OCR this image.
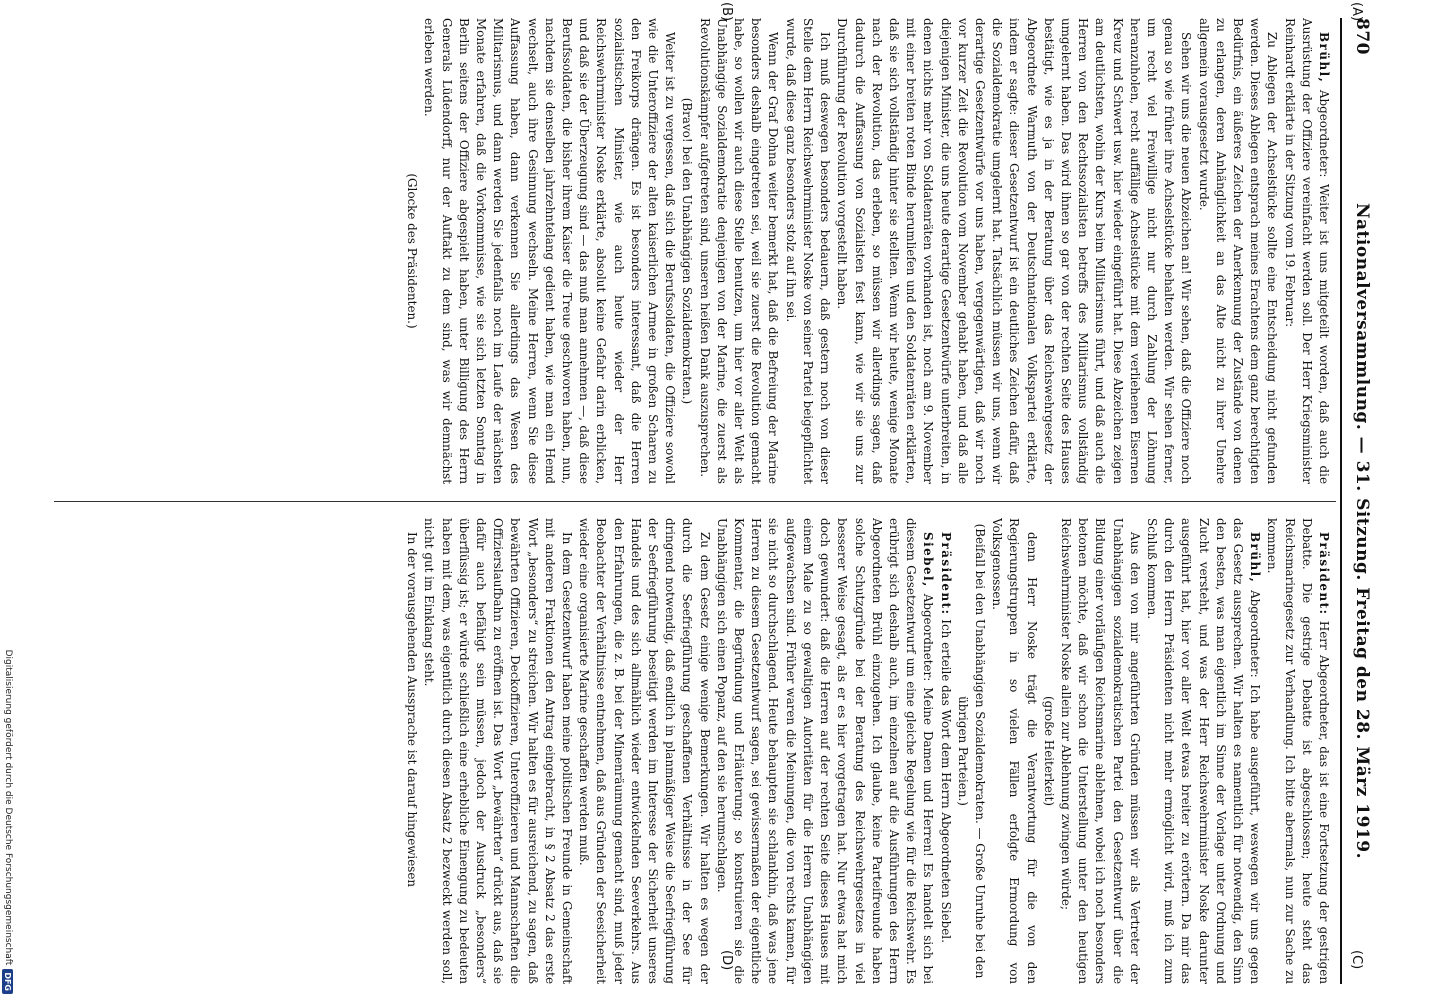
870
Nationalversammlung. — 31. Sitzung. Freitag den 28. März 1919.

Brühl, Abgeordneter: Weiter ist uns mitgeteilt worden, daß auch die Ausrüstung der Offiziere vereinfacht werden soll. Der Herr Kriegsminister Reinhardt erklärte in der Sitzung vom 19. Februar:

Zu Ablegen der Achselstücke sollte eine Entscheidung nicht gefunden werden. Dieses Ablegen entsprach meines Erachtens dem ganz berechtigten Bedürfnis, ein äußeres Zeichen der Anerkennung der Zustände von denen zu erlangen, deren Anhänglichkeit an das Alte nicht zu ihrer Unehre allgemein vorausgesetzt wurde.

Sehen wir uns die neuen Abzeichen an! Wir sehen, daß die Offiziere noch genau so wie früher ihre Achselstücke behalten werden. Wir sehen ferner, um recht viel Freiwillige nicht nur durch Zahlung der Löhnung heranzuholen, recht auffällige Achselstücke mit dem verliehenen Eisernen Kreuz und Schwert usw. hier wieder eingeführt hat. Diese Abzeichen zeigen am deutlichsten, wohin der Kurs beim Militarismus führt, und daß auch die Herren von den Rechtssozialisten betreffs des Militarismus vollständig umgelernt haben. Das wird ihnen so gar von der rechten Seite des Hauses bestätigt, wie es ja in der Beratung über das Reichswehrgesetz der Abgeordnete Warmuth von der Deutschnationalen Volkspartei erklärte, indem er sagte: dieser Gesetzentwurf ist ein deutliches Zeichen dafür, daß die Sozialdemokratie umgelernt hat. Tatsächlich müssen wir uns, wenn wir derartige Gesetzentwürfe vor uns haben, vergegenwärtigen, daß wir noch vor kurzer Zeit die Revolution vom November gehabt haben, und daß alle diejenigen Minister, die uns heute derartige Gesetzentwürfe unterbreiten, in denen nichts mehr von Soldatenräten vorhanden ist, noch am 9. November mit einer breiten roten Binde herumliefen und den Soldatenräten erklärten, daß sie sich vollständig hinter sie stellten. Wenn wir heute, wenige Monate nach der Revolution, das erleben, so müssen wir allerdings sagen, daß dadurch die Auffassung von Sozialisten fest kann, wie wir sie uns zur Durchführung der Revolution vorgestellt haben.

Ich muß deswegen besonders bedauern, daß gestern noch von dieser Stelle dem Herrn Reichswehrminister Noske von seiner Partei beigepflichtet wurde, daß diese ganz besonders stolz auf ihn sei.

Wenn der Graf Dohna weiter bemerkt hat, daß die Befreiung der Marine besonders deshalb eingetreten sei, weil sie zuerst die Revolution gemacht habe, so wollen wir auch diese Stelle benutzen, um hier vor aller Welt als Unabhängige Sozialdemokratie denjenigen von der Marine, die zuerst als Revolutionskämpfer aufgetreten sind, unseren heißen Dank auszusprechen.

(Bravo! bei den Unabhängigen Sozialdemokraten.)

Weiter ist zu vergessen, daß sich die Berufssoldaten, die Offiziere sowohl wie die Unteroffiziere der alten kaiserlichen Armee in großen Scharen zu den Freikorps drängen. Es ist besonders interessant, daß die Herren sozialistischen Minister, wie auch heute wieder der Herr Reichswehrminister Noske erklärte, absolut keine Gefahr darin erblicken, und daß sie der Überzeugung sind — das muß man annehmen —, daß diese Berufssoldaten, die bisher ihrem Kaiser die Treue geschworen haben, nun, nachdem sie denselben jahrzehntelang gedient haben, wie man ein Hemd wechselt, auch ihre Gesinnung wechseln. Meine Herren, wenn Sie diese Auffassung haben, dann verkennen Sie allerdings das Wesen des Militarismus, und dann werden Sie jedenfalls noch im Laufe der nächsten Monate erfahren, daß die Vorkommnisse, wie sie sich letzten Sonntag in Berlin seitens der Offiziere abgespielt haben, unter Billigung des Herrn Generals Lüdendorff, nur der Auftakt zu dem sind, was wir demnächst erleben werden.

(Glocke des Präsidenten.)

Präsident: Herr Abgeordneter, das ist eine Fortsetzung der gestrigen Debatte. Die gestrige Debatte ist abgeschlossen; heute steht das Reichsmarinegesetz zur Verhandlung. Ich bitte abermals, nun zur Sache zu kommen.

Brühl, Abgeordneter: Ich habe ausgeführt, weswegen wir uns gegen das Gesetz aussprechen. Wir halten es namentlich für notwendig, den Sinn den besten, was man eigentlich im Sinne der Vorlage unter Ordnung und Zucht versteht, und was der Herr Reichswehrminister Noske darunter ausgeführt hat, hier vor aller Welt etwas breiter zu erörtern. Da mir das durch den Herrn Präsidenten nicht mehr ermöglicht wird, muß ich zum Schluß kommen.

Aus den von mir angeführten Gründen müssen wir als Vertreter der Unabhängigen sozialdemokratischen Partei den Gesetzentwurf über die Bildung einer vorläufigen Reichsmarine ablehnen, wobei ich noch besonders betonen möchte, daß wir schon die Unterstellung unter den heutigen Reichswehrminister Noske allein zur Ablehnung zwingen würde;

(große Heiterkeit)

denn Herr Noske trägt die Verantwortung für die von den Regierungstruppen in so vielen Fällen erfolgte Ermordung von Volksgenossen.

(Beifall bei den Unabhängigen Sozialdemokraten. — Große Unruhe bei den übrigen Parteien.)

Präsident: Ich erteile das Wort dem Herrn Abgeordneten Siebel.

Siebel, Abgeordneter: Meine Damen und Herren! Es handelt sich bei diesem Gesetzentwurf um eine gleiche Regelung wie für die Reichswehr. Es erübrigt sich deshalb auch, im einzelnen auf die Ausführungen des Herrn Abgeordneten Brühl einzugehen. Ich glaube, keine Parteifreunde haben solche Schutzgründe bei der Beratung des Reichswehrgesetzes in viel besserer Weise gesagt, als er es hier vorgetragen hat. Nur etwas hat mich doch gewundert: daß die Herren auf der rechten Seite dieses Hauses mit einem Male zu so gewaltigen Autoritäten für die Herren Unabhängigen aufgewachsen sind. Früher waren die Meinungen, die von rechts kamen, für sie nicht so durchschlagend. Heute behaupten sie schlankhin, daß was jene Herren zu diesem Gesetzentwurf sagen, sei gewissermaßen der eigentliche Kommentar, die Begründung und Erläuterung; so konstruieren sie die Unabhängigen sich einen Popanz, auf den sie herumschlagen.

Zu dem Gesetz einige wenige Bemerkungen. Wir halten es wegen der durch die Seefriegführung geschaffenen Verhältnisse in der See für dringend notwendig, daß endlich in planmäßiger Weise die Seefriegführung der Seefriegführung beseitigt werden im Interesse der Sicherheit unseres Handels und des sich allmählich wieder entwickelnden Seeverkehrs. Aus den Erfahrungen, die z. B. bei der Minenräumung gemacht sind, muß jeder Beobachter der Verhältnisse entnehmen, daß aus Gründen der Seesicherheit wieder eine organisierte Marine geschaffen werden muß.

In dem Gesetzentwurf haben meine politischen Freunde in Gemeinschaft mit anderen Fraktionen den Antrag eingebracht, in § 2 Absatz 2 das erste Wort „besonders“ zu streichen. Wir halten es für ausreichend, zu sagen, daß bewährten Offizieren, Deckoffizieren, Unteroffizieren und Mannschaften die Offizierslaufbahn zu eröffnen ist. Das Wort „bewährten“ drückt aus, daß sie dafür auch befähigt sein müssen, jedoch der Ausdruck „besonders“ überflüssig ist; er würde schließlich eine erhebliche Einengung zu bedeuten haben mit dem, was eigentlich durch diesen Absatz 2 bezweckt werden soll, nicht gut im Einklang steht.

In der vorausgehenden Aussprache ist darauf hingewiesen

(A)
(B)
(C)
(D)
Digitalisierung gefördert durch die Deutsche Forschungsgemeinschaft
DFG
